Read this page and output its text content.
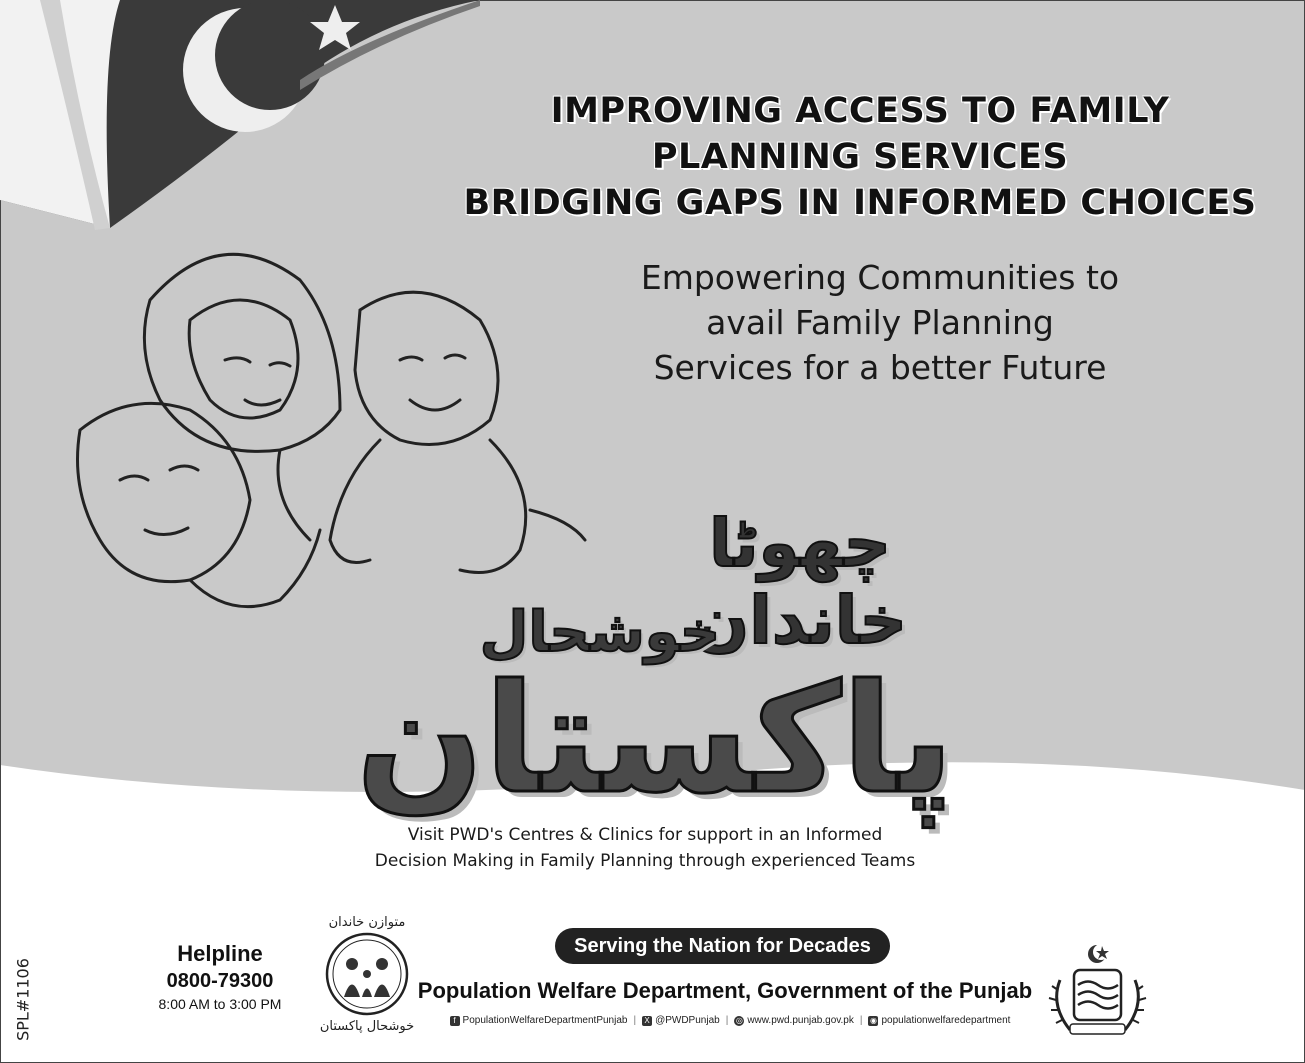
IMPROVING ACCESS TO FAMILY
PLANNING SERVICES
BRIDGING GAPS IN INFORMED CHOICES

Empowering Communities to
avail Family Planning
Services for a better Future

چھوٹا خاندان
خوشحال
پاکستان

Visit PWD's Centres & Clinics for support in an Informed
Decision Making in Family Planning through experienced Teams

SPL#1106
Helpline
0800-79300
8:00 AM to 3:00 PM
متوازن خاندان
خوشحال پاکستان
Serving the Nation for Decades
Population Welfare Department, Government of the Punjab
f PopulationWelfareDepartmentPunjab | X @PWDPunjab | ◎ www.pwd.punjab.gov.pk | ◉ populationwelfaredepartment
